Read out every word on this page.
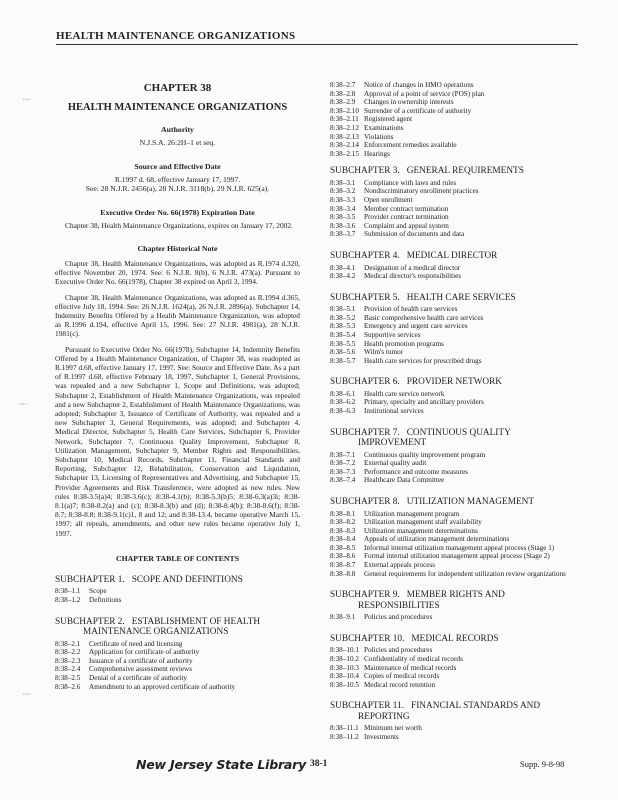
HEALTH MAINTENANCE ORGANIZATIONS
CHAPTER 38
HEALTH MAINTENANCE ORGANIZATIONS
Authority
N.J.S.A. 26:2H–1 et seq.
Source and Effective Date
R.1997 d. 68, effective January 17, 1997.
See: 28 N.J.R. 2456(a), 28 N.J.R. 3118(b), 29 N.J.R. 625(a).
Executive Order No. 66(1978) Expiration Date

Chapter 38, Health Maintenance Organizations, expires on January 17, 2002.

Chapter Historical Note

Chapter 38, Health Maintenance Organizations, was adopted as R.1974 d.320, effective November 20, 1974. See: 6 N.J.R. 8(b), 6 N.J.R. 473(a). Pursuant to Executive Order No. 66(1978), Chapter 38 expired on April 3, 1994.

Chapter 38, Health Maintenance Organizations, was adopted as R.1994 d.365, effective July 18, 1994. See: 26 N.J.R. 1624(a), 26 N.J.R. 2896(a). Subchapter 14, Indemnity Benefits Offered by a Health Maintenance Organization, was adopted as R.1996 d.194, effective April 15, 1996. See: 27 N.J.R. 4981(a), 28 N.J.R. 1981(c).

Pursuant to Executive Order No. 66(1978), Subchapter 14, Indemnity Benefits Offered by a Health Maintenance Organization, of Chapter 38, was readopted as R.1997 d.68, effective January 17, 1997. See: Source and Effective Date. As a part of R.1997 d.68, effective February 18, 1997, Subchapter 1, General Provisions, was repealed and a new Subchapter 1, Scope and Definitions, was adopted; Subchapter 2, Establishment of Health Maintenance Organizations, was repealed and a new Subchapter 2, Establishment of Health Maintenance Organizations, was adopted; Subchapter 3, Issuance of Certificate of Authority, was repealed and a new Subchapter 3, General Requirements, was adopted; and Subchapter 4, Medical Director, Subchapter 5, Health Care Services, Subchapter 6, Provider Network, Subchapter 7, Continuous Quality Improvement, Subchapter 8, Utilization Management, Subchapter 9, Member Rights and Responsibilities, Subchapter 10, Medical Records, Subchapter 11, Financial Standards and Reporting, Subchapter 12, Rehabilitation, Conservation and Liquidation, Subchapter 13, Licensing of Representatives and Advertising, and Subchapter 15, Provider Agreements and Risk Transference, were adopted as new rules. New rules 8:38-3.5(a)4; 8:38-3.6(c); 8:38-4.1(b); 8:38-5.3(b)5; 8:38-6.3(a)3i; 8:38-8.1(a)7; 8:38-8.2(a) and (c); 8:38-8.3(b) and (d); 8:38-8.4(b); 8:38-8.6(f); 8:38-8.7; 8:38-8.8; 8:38-9.1(c)1, 8 and 12; and 8:38-13.4, became operative March 15, 1997; all repeals, amendments, and other new rules became operative July 1, 1997.

CHAPTER TABLE OF CONTENTS
SUBCHAPTER 1. SCOPE AND DEFINITIONS
8:38–1.1	Scope
8:38–1.2	Definitions
SUBCHAPTER 2. ESTABLISHMENT OF HEALTH
MAINTENANCE ORGANIZATIONS
8:38–2.1	Certificate of need and licensing
8:38–2.2	Application for certificate of authority
8:38–2.3	Issuance of a certificate of authority
8:38–2.4	Comprehensive assessment reviews
8:38–2.5	Denial of a certificate of authority
8:38–2.6	Amendment to an approved certificate of authority
8:38–2.7	Notice of changes in HMO operations
8:38–2.8	Approval of a point of service (POS) plan
8:38–2.9	Changes in ownership interests
8:38–2.10 Surrender of a certificate of authority
8:38–2.11 Registered agent
8:38–2.12 Examinations
8:38–2.13 Violations
8:38–2.14 Enforcement remedies available
8:38–2.15 Hearings
SUBCHAPTER 3. GENERAL REQUIREMENTS
8:38–3.1	Compliance with laws and rules
8:38–3.2	Nondiscriminatory enrollment practices
8:38–3.3	Open enrollment
8:38–3.4	Member contract termination
8:38–3.5	Provider contract termination
8:38–3.6	Complaint and appeal system
8:38–3.7	Submission of documents and data
SUBCHAPTER 4. MEDICAL DIRECTOR
8:38–4.1	Designation of a medical director
8:38–4.2	Medical director's responsibilities
SUBCHAPTER 5. HEALTH CARE SERVICES
8:38–5.1	Provision of health care services
8:38–5.2	Basic comprehensive health care services
8:38–5.3	Emergency and urgent care services
8:38–5.4	Supportive services
8:38–5.5	Health promotion programs
8:38–5.6	Wilm's tumor
8:38–5.7	Health care services for prescribed drugs
SUBCHAPTER 6. PROVIDER NETWORK
8:38–6.1	Health care service network
8:38–6.2	Primary, specialty and ancillary providers
8:38–6.3	Institutional services
SUBCHAPTER 7. CONTINUOUS QUALITY
IMPROVEMENT
8:38–7.1	Continuous quality improvement program
8:38–7.2	External quality audit
8:38–7.3	Performance and outcome measures
8:38–7.4	Healthcare Data Committee
SUBCHAPTER 8. UTILIZATION MANAGEMENT
8:38–8.1	Utilization management program
8:38–8.2	Utilization management staff availability
8:38–8.3	Utilization management determinations
8:38–8.4	Appeals of utilization management determinations
8:38–8.5	Informal internal utilization management appeal process (Stage 1)
8:38–8.6	Formal internal utilization management appeal process (Stage 2)
8:38–8.7	External appeals process
8:38–8.8	General requirements for independent utilization review organizations
SUBCHAPTER 9. MEMBER RIGHTS AND
RESPONSIBILITIES
8:38–9.1	Policies and procedures
SUBCHAPTER 10. MEDICAL RECORDS
8:38–10.1 Policies and procedures
8:38–10.2 Confidentiality of medical records
8:38–10.3 Maintenance of medical records
8:38–10.4 Copies of medical records
8:38–10.5 Medical record retention
SUBCHAPTER 11. FINANCIAL STANDARDS AND
REPORTING
8:38–11.1 Minimum net worth
8:38–11.2 Investments
New Jersey State Library 38-1	Supp. 9-8-98
·~·
·~·
·~·
